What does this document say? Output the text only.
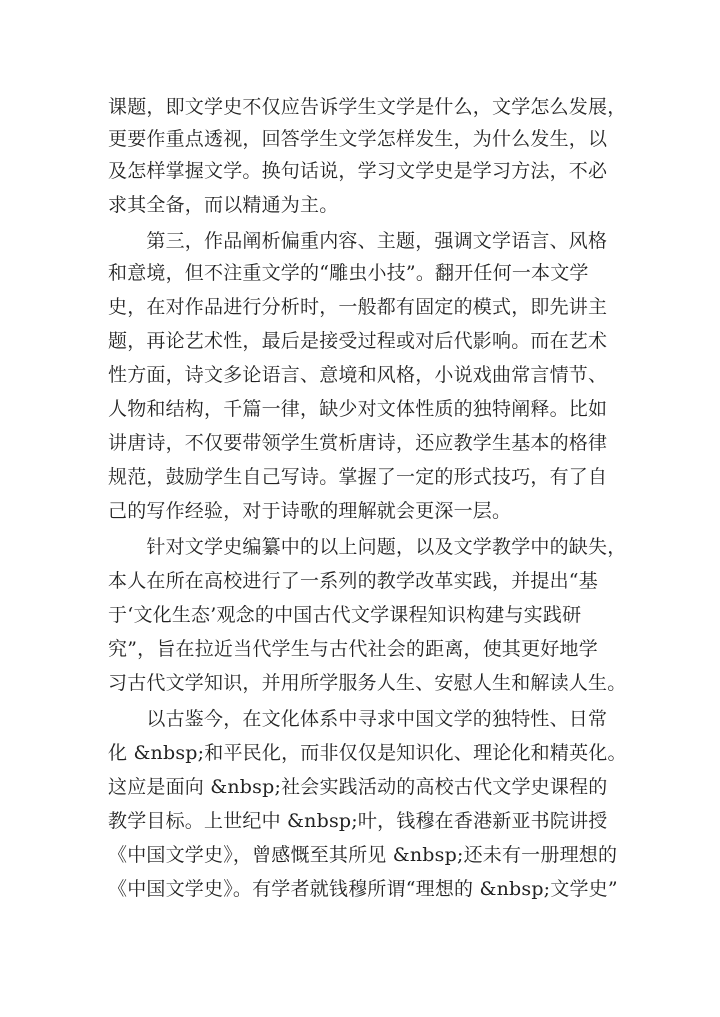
课题，即文学史不仅应告诉学生文学是什么，文学怎么发展，

更要作重点透视，回答学生文学怎样发生，为什么发生，以

及怎样掌握文学。换句话说，学习文学史是学习方法，不必

求其全备，而以精通为主。

　　第三，作品阐析偏重内容、主题，强调文学语言、风格

和意境，但不注重文学的“雕虫小技”。翻开任何一本文学

史，在对作品进行分析时，一般都有固定的模式，即先讲主

题，再论艺术性，最后是接受过程或对后代影响。而在艺术

性方面，诗文多论语言、意境和风格，小说戏曲常言情节、

人物和结构，千篇一律，缺少对文体性质的独特阐释。比如

讲唐诗，不仅要带领学生赏析唐诗，还应教学生基本的格律

规范，鼓励学生自己写诗。掌握了一定的形式技巧，有了自

己的写作经验，对于诗歌的理解就会更深一层。

　　针对文学史编纂中的以上问题，以及文学教学中的缺失，

本人在所在高校进行了一系列的教学改革实践，并提出“基

于‘文化生态’观念的中国古代文学课程知识构建与实践研

究”，旨在拉近当代学生与古代社会的距离，使其更好地学

习古代文学知识，并用所学服务人生、安慰人生和解读人生。

　　以古鉴今，在文化体系中寻求中国文学的独特性、日常

化 &nbsp;和平民化，而非仅仅是知识化、理论化和精英化。

这应是面向 &nbsp;社会实践活动的高校古代文学史课程的

教学目标。上世纪中 &nbsp;叶，钱穆在香港新亚书院讲授

《中国文学史》，曾感慨至其所见 &nbsp;还未有一册理想的

《中国文学史》。有学者就钱穆所谓“理想的 &nbsp;文学史”
